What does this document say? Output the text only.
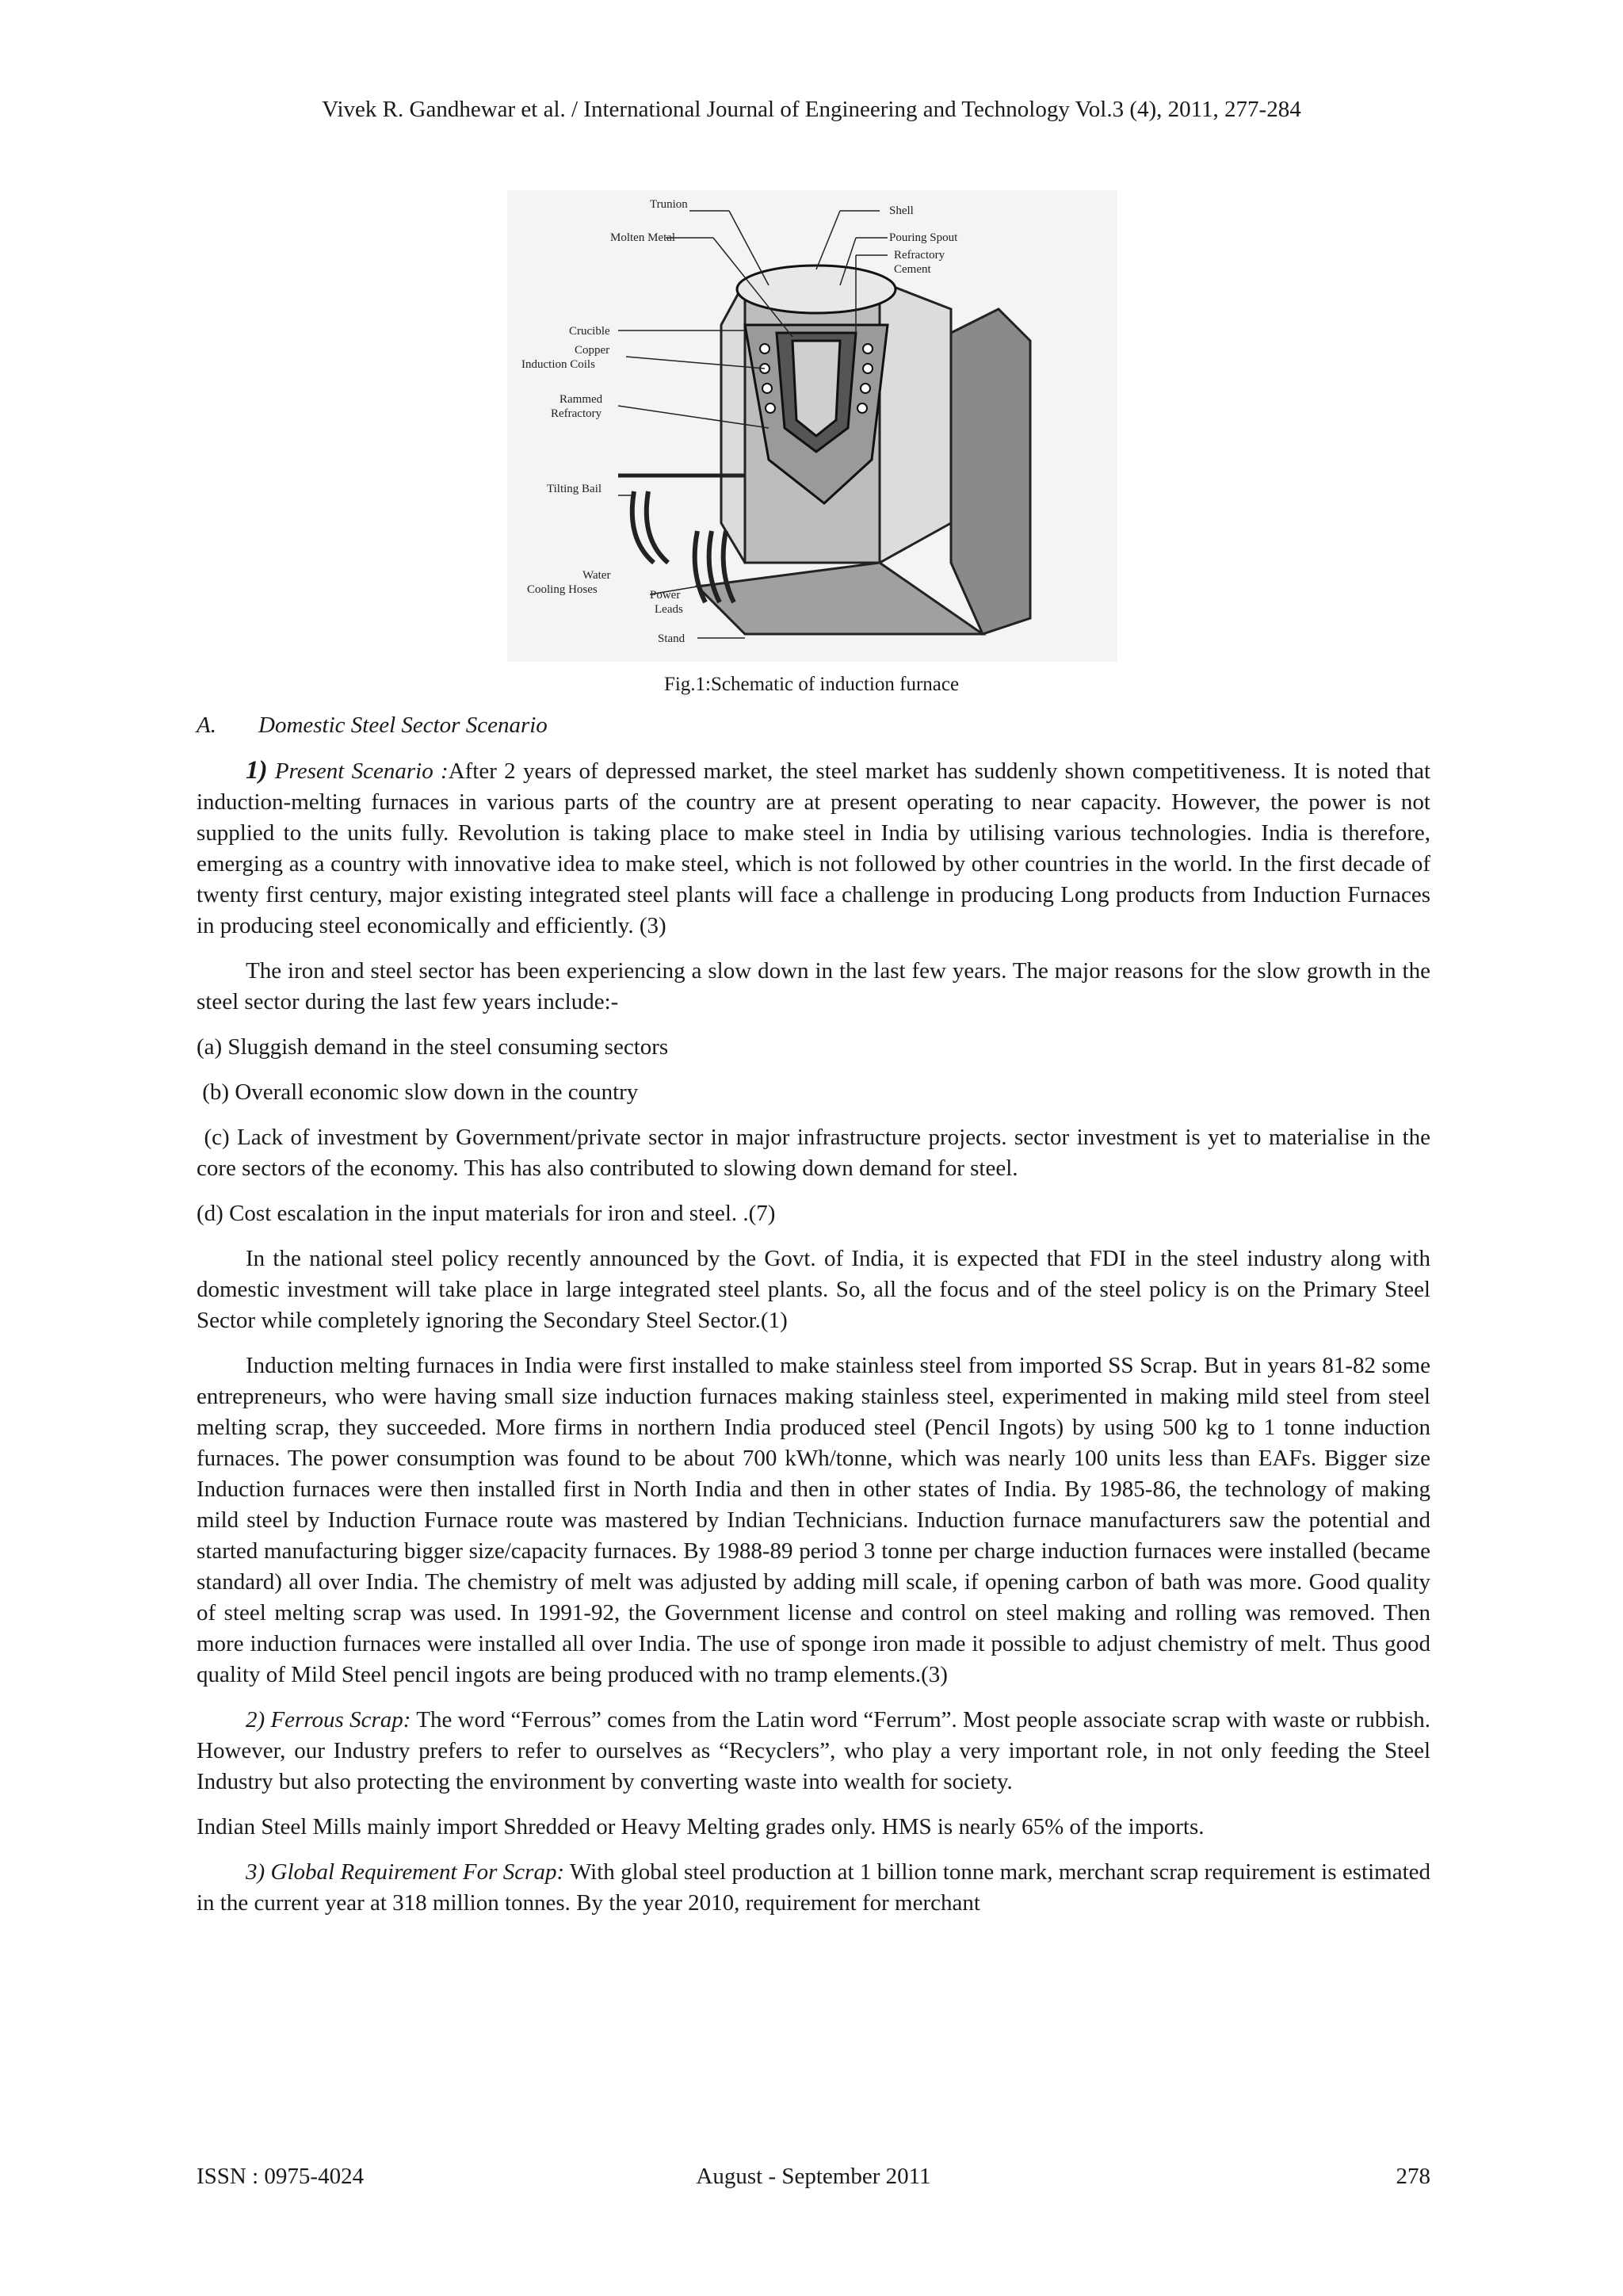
Vivek R. Gandhewar et al. / International Journal of Engineering and Technology Vol.3 (4), 2011, 277-284
Trunion	Shell
Molten Metal	Pouring Spout
Refractory
Cement
Crucible
Copper
Induction Coils
Rammed
Refractory
Tilting Bail
Water
Cooling Hoses	Power
Leads
Stand
Fig.1:Schematic of induction furnace

A. Domestic Steel Sector Scenario

1) Present Scenario :After 2 years of depressed market, the steel market has suddenly shown competitiveness. It is noted that induction-melting furnaces in various parts of the country are at present operating to near capacity. However, the power is not supplied to the units fully. Revolution is taking place to make steel in India by utilising various technologies. India is therefore, emerging as a country with innovative idea to make steel, which is not followed by other countries in the world. In the first decade of twenty first century, major existing integrated steel plants will face a challenge in producing Long products from Induction Furnaces in producing steel economically and efficiently. (3)

The iron and steel sector has been experiencing a slow down in the last few years. The major reasons for the slow growth in the steel sector during the last few years include:-

(a) Sluggish demand in the steel consuming sectors

(b) Overall economic slow down in the country

(c) Lack of investment by Government/private sector in major infrastructure projects. sector investment is yet to materialise in the core sectors of the economy. This has also contributed to slowing down demand for steel.

(d) Cost escalation in the input materials for iron and steel. .(7)

In the national steel policy recently announced by the Govt. of India, it is expected that FDI in the steel industry along with domestic investment will take place in large integrated steel plants. So, all the focus and of the steel policy is on the Primary Steel Sector while completely ignoring the Secondary Steel Sector.(1)

Induction melting furnaces in India were first installed to make stainless steel from imported SS Scrap. But in years 81-82 some entrepreneurs, who were having small size induction furnaces making stainless steel, experimented in making mild steel from steel melting scrap, they succeeded. More firms in northern India produced steel (Pencil Ingots) by using 500 kg to 1 tonne induction furnaces. The power consumption was found to be about 700 kWh/tonne, which was nearly 100 units less than EAFs. Bigger size Induction furnaces were then installed first in North India and then in other states of India. By 1985-86, the technology of making mild steel by Induction Furnace route was mastered by Indian Technicians. Induction furnace manufacturers saw the potential and started manufacturing bigger size/capacity furnaces. By 1988-89 period 3 tonne per charge induction furnaces were installed (became standard) all over India. The chemistry of melt was adjusted by adding mill scale, if opening carbon of bath was more. Good quality of steel melting scrap was used. In 1991-92, the Government license and control on steel making and rolling was removed. Then more induction furnaces were installed all over India. The use of sponge iron made it possible to adjust chemistry of melt. Thus good quality of Mild Steel pencil ingots are being produced with no tramp elements.(3)

2) Ferrous Scrap: The word “Ferrous” comes from the Latin word “Ferrum”. Most people associate scrap with waste or rubbish. However, our Industry prefers to refer to ourselves as “Recyclers”, who play a very important role, in not only feeding the Steel Industry but also protecting the environment by converting waste into wealth for society.

Indian Steel Mills mainly import Shredded or Heavy Melting grades only. HMS is nearly 65% of the imports.

3) Global Requirement For Scrap: With global steel production at 1 billion tonne mark, merchant scrap requirement is estimated in the current year at 318 million tonnes. By the year 2010, requirement for merchant

ISSN : 0975-4024	August - September 2011	278
